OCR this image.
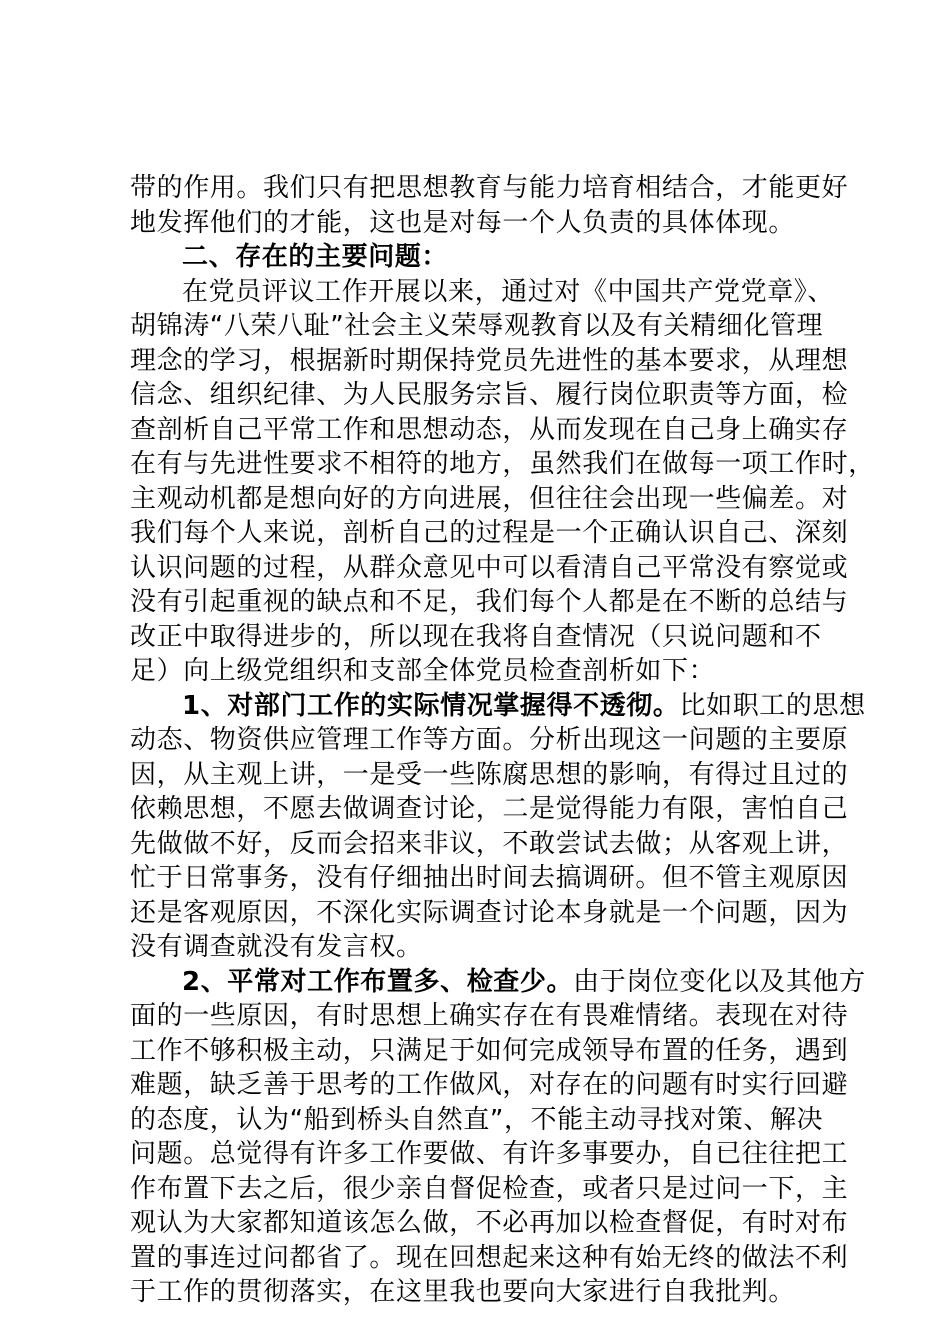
带的作用。我们只有把思想教育与能力培育相结合，才能更好
地发挥他们的才能，这也是对每一个人负责的具体体现。
二、存在的主要问题：
在党员评议工作开展以来，通过对《中国共产党党章》、
胡锦涛“八荣八耻”社会主义荣辱观教育以及有关精细化管理
理念的学习，根据新时期保持党员先进性的基本要求，从理想
信念、组织纪律、为人民服务宗旨、履行岗位职责等方面，检
查剖析自己平常工作和思想动态，从而发现在自己身上确实存
在有与先进性要求不相符的地方，虽然我们在做每一项工作时，
主观动机都是想向好的方向进展，但往往会出现一些偏差。对
我们每个人来说，剖析自己的过程是一个正确认识自己、深刻
认识问题的过程，从群众意见中可以看清自己平常没有察觉或
没有引起重视的缺点和不足，我们每个人都是在不断的总结与
改正中取得进步的，所以现在我将自查情况（只说问题和不
足）向上级党组织和支部全体党员检查剖析如下：
1、对部门工作的实际情况掌握得不透彻。比如职工的思想
动态、物资供应管理工作等方面。分析出现这一问题的主要原
因，从主观上讲，一是受一些陈腐思想的影响，有得过且过的
依赖思想，不愿去做调查讨论，二是觉得能力有限，害怕自己
先做做不好，反而会招来非议，不敢尝试去做；从客观上讲，
忙于日常事务，没有仔细抽出时间去搞调研。但不管主观原因
还是客观原因，不深化实际调查讨论本身就是一个问题，因为
没有调查就没有发言权。
2、平常对工作布置多、检查少。由于岗位变化以及其他方
面的一些原因，有时思想上确实存在有畏难情绪。表现在对待
工作不够积极主动，只满足于如何完成领导布置的任务，遇到
难题，缺乏善于思考的工作做风，对存在的问题有时实行回避
的态度，认为“船到桥头自然直”，不能主动寻找对策、解决
问题。总觉得有许多工作要做、有许多事要办，自已往往把工
作布置下去之后，很少亲自督促检查，或者只是过问一下，主
观认为大家都知道该怎么做，不必再加以检查督促，有时对布
置的事连过问都省了。现在回想起来这种有始无终的做法不利
于工作的贯彻落实，在这里我也要向大家进行自我批判。
